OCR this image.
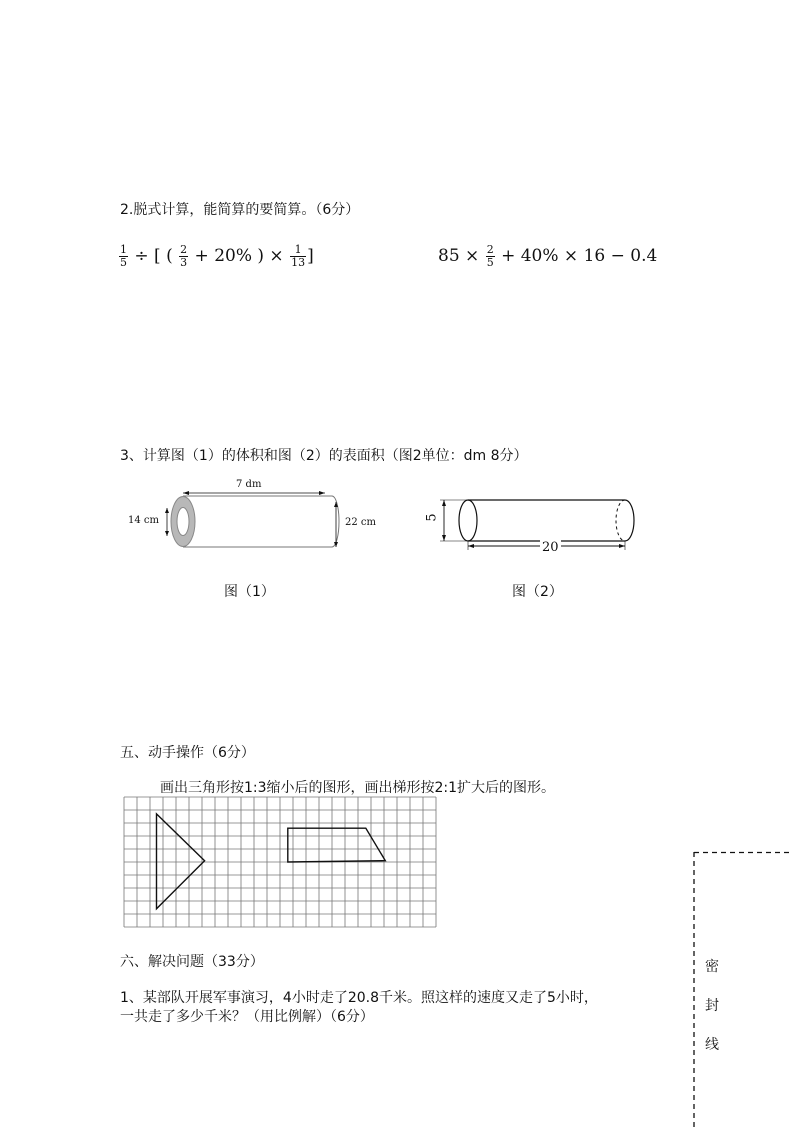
2.脱式计算，能简算的要简算。（6分）
$\frac{1}{5}$ ÷ [ ( $\frac{2}{3} + 20\%$ ) × $\frac{1}{13}$ ]	$85 \times \frac{2}{5} + 40\% \times 16 - 0.4$
3、计算图（1）的体积和图（2）的表面积（图2单位：dm 8分）
7 dm
14 cm	22 cm
图（1）
5
20
图（2）
五、动手操作（6分）
画出三角形按1:3缩小后的图形，画出梯形按2:1扩大后的图形。
六、解决问题（33分）
1、某部队开展军事演习，4小时走了20.8千米。照这样的速度又走了5小时，
一共走了多少千米？（用比例解）（6分）
密
封
线
